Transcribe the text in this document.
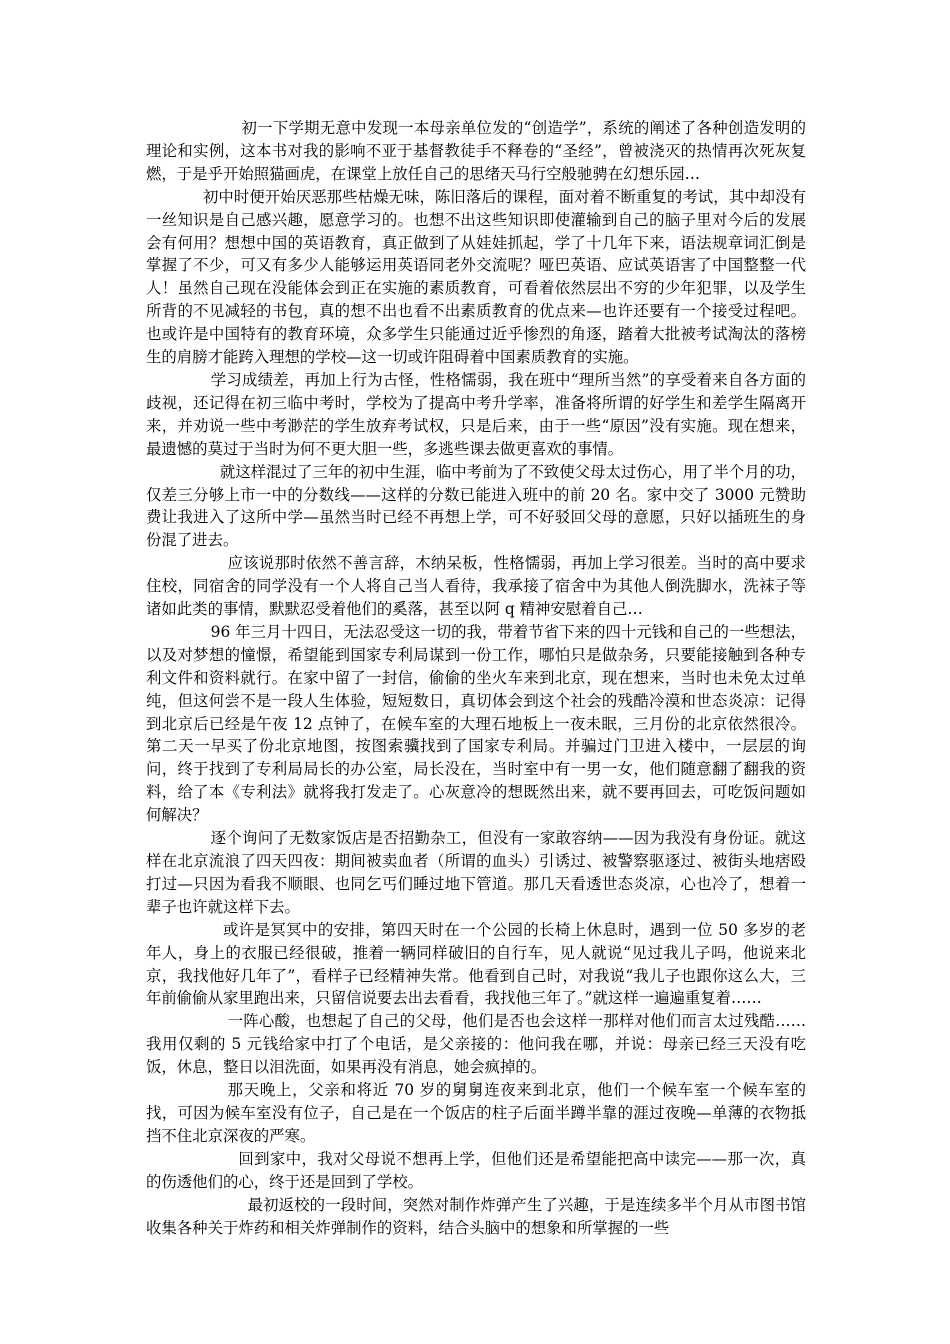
初一下学期无意中发现一本母亲单位发的“创造学”，系统的阐述了各种创造发明的理论和实例，这本书对我的影响不亚于基督教徒手不释卷的“圣经”，曾被浇灭的热情再次死灰复燃，于是乎开始照猫画虎，在课堂上放任自己的思绪天马行空般驰骋在幻想乐园…

初中时便开始厌恶那些枯燥无味，陈旧落后的课程，面对着不断重复的考试，其中却没有一丝知识是自己感兴趣，愿意学习的。也想不出这些知识即使灌输到自己的脑子里对今后的发展会有何用？想想中国的英语教育，真正做到了从娃娃抓起，学了十几年下来，语法规章词汇倒是掌握了不少，可又有多少人能够运用英语同老外交流呢？哑巴英语、应试英语害了中国整整一代人！虽然自己现在没能体会到正在实施的素质教育，可看着依然层出不穷的少年犯罪，以及学生所背的不见减轻的书包，真的想不出也看不出素质教育的优点来—也许还要有一个接受过程吧。也或许是中国特有的教育环境，众多学生只能通过近乎惨烈的角逐，踏着大批被考试淘汰的落榜生的肩膀才能跨入理想的学校—这一切或许阻碍着中国素质教育的实施。

学习成绩差，再加上行为古怪，性格懦弱，我在班中“理所当然”的享受着来自各方面的歧视，还记得在初三临中考时，学校为了提高中考升学率，准备将所谓的好学生和差学生隔离开来，并劝说一些中考渺茫的学生放弃考试权，只是后来，由于一些“原因”没有实施。现在想来，最遗憾的莫过于当时为何不更大胆一些，多逃些课去做更喜欢的事情。

就这样混过了三年的初中生涯，临中考前为了不致使父母太过伤心，用了半个月的功，仅差三分够上市一中的分数线——这样的分数已能进入班中的前 20 名。家中交了 3000 元赞助费让我进入了这所中学—虽然当时已经不再想上学，可不好驳回父母的意愿，只好以插班生的身份混了进去。

应该说那时依然不善言辞，木纳呆板，性格懦弱，再加上学习很差。当时的高中要求住校，同宿舍的同学没有一个人将自己当人看待，我承接了宿舍中为其他人倒洗脚水，洗袜子等诸如此类的事情，默默忍受着他们的奚落，甚至以阿 q 精神安慰着自己…

96 年三月十四日，无法忍受这一切的我，带着节省下来的四十元钱和自己的一些想法，以及对梦想的憧憬，希望能到国家专利局谋到一份工作，哪怕只是做杂务，只要能接触到各种专利文件和资料就行。在家中留了一封信，偷偷的坐火车来到北京，现在想来，当时也未免太过单纯，但这何尝不是一段人生体验，短短数日，真切体会到这个社会的残酷冷漠和世态炎凉：记得到北京后已经是午夜 12 点钟了，在候车室的大理石地板上一夜未眠，三月份的北京依然很冷。第二天一早买了份北京地图，按图索骥找到了国家专利局。并骗过门卫进入楼中，一层层的询问，终于找到了专利局局长的办公室，局长没在，当时室中有一男一女，他们随意翻了翻我的资料，给了本《专利法》就将我打发走了。心灰意冷的想既然出来，就不要再回去，可吃饭问题如何解决？

逐个询问了无数家饭店是否招勤杂工，但没有一家敢容纳——因为我没有身份证。就这样在北京流浪了四天四夜：期间被卖血者（所谓的血头）引诱过、被警察驱逐过、被街头地痞殴打过—只因为看我不顺眼、也同乞丐们睡过地下管道。那几天看透世态炎凉，心也冷了，想着一辈子也许就这样下去。

或许是冥冥中的安排，第四天时在一个公园的长椅上休息时，遇到一位 50 多岁的老年人，身上的衣服已经很破，推着一辆同样破旧的自行车，见人就说“见过我儿子吗，他说来北京，我找他好几年了”，看样子已经精神失常。他看到自己时，对我说“我儿子也跟你这么大，三年前偷偷从家里跑出来，只留信说要去出去看看，我找他三年了。”就这样一遍遍重复着……

一阵心酸，也想起了自己的父母，他们是否也会这样一那样对他们而言太过残酷……我用仅剩的 5 元钱给家中打了个电话，是父亲接的：他问我在哪，并说：母亲已经三天没有吃饭，休息，整日以泪洗面，如果再没有消息，她会疯掉的。

那天晚上，父亲和将近 70 岁的舅舅连夜来到北京，他们一个候车室一个候车室的找，可因为候车室没有位子，自己是在一个饭店的柱子后面半蹲半靠的涯过夜晚—单薄的衣物抵挡不住北京深夜的严寒。

回到家中，我对父母说不想再上学，但他们还是希望能把高中读完——那一次，真的伤透他们的心，终于还是回到了学校。

最初返校的一段时间，突然对制作炸弹产生了兴趣，于是连续多半个月从市图书馆收集各种关于炸药和相关炸弹制作的资料，结合头脑中的想象和所掌握的一些
